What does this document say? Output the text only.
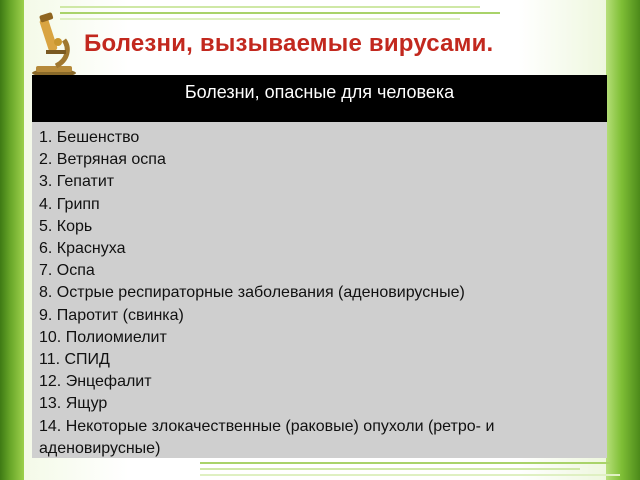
Болезни, вызываемые вирусами.
Болезни, опасные для человека
1. Бешенство
2. Ветряная оспа
3. Гепатит
4. Грипп
5. Корь
6. Краснуха
7. Оспа
8. Острые респираторные заболевания (аденовирусные)
9. Паротит (свинка)
10. Полиомиелит
11. СПИД
12. Энцефалит
13. Ящур
14. Некоторые злокачественные (раковые) опухоли (ретро- и аденовирусные)
